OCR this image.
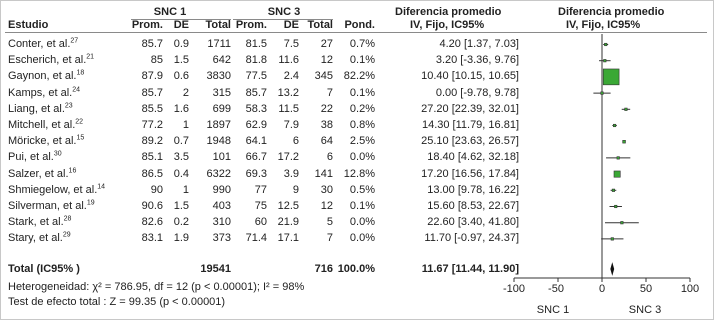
SNC 1	SNC 3	Diferencia promedio	Diferencia promedio
Estudio	Prom. DE	Total Prom.	DE Total	Pond.	IV, Fijo, IC95%	IV, Fijo, IC95%
Conter, et al.$^{27}$	85.7 0.9	1711	81.5	7.5	27	0.7%	4.20 [1.37, 7.03]
Escherich, et al.$^{21}$	85 1.5	642	81.8	11.6	12	0.1%	3.20 [-3.36, 9.76]
Gaynon, et al.$^{18}$	87.9 0.6	3830	77.5	2.4	345 82.2%	10.40 [10.15, 10.65]
Kamps, et al.$^{24}$	85.7	2	315	85.7 13.2	7	0.1%	0.00 [-9.78, 9.78]
Liang, et al.$^{23}$	85.5 1.6	699	58.3	11.5	22	0.2%	27.20 [22.39, 32.01]
Mitchell, et al.$^{22}$	77.2	1	1897	62.9	7.9	38	0.8%	14.30 [11.79, 16.81]
Möricke, et al.$^{15}$	89.2 0.7	1948	64.1	6	64	2.5%	25.10 [23.63, 26.57]
Pui, et al.$^{30}$	85.1 3.5	101	66.7 17.2	6	0.0%	18.40 [4.62, 32.18]
Salzer, et al.$^{16}$	86.5 0.4	6322	69.3	3.9	141 12.8%	17.20 [16.56, 17.84]
Shmiegelow, et al.$^{14}$	90	1	990	77	9	30	0.5%	13.00 [9.78, 16.22]
Silverman, et al.$^{19}$	90.6 1.5	403	75 12.5	12	0.1%	15.60 [8.53, 22.67]
Stark, et al.$^{28}$	82.6 0.2	310	60 21.9	5	0.0%	22.60 [3.40, 41.80]
Stary, et al.$^{29}$	83.1 1.9	373	71.4 17.1	7	0.0%	11.70 [-0.97, 24.37]
Total (IC95% )	19541	716 100.0%	11.67 [11.44, 11.90]
Heterogeneidad: χ² = 786.95, df = 12 (p < 0.00001); I² = 98%
Test de efecto total : Z = 99.35 (p < 0.00001)
-100	-50	0	50	100
SNC 1	SNC 3
